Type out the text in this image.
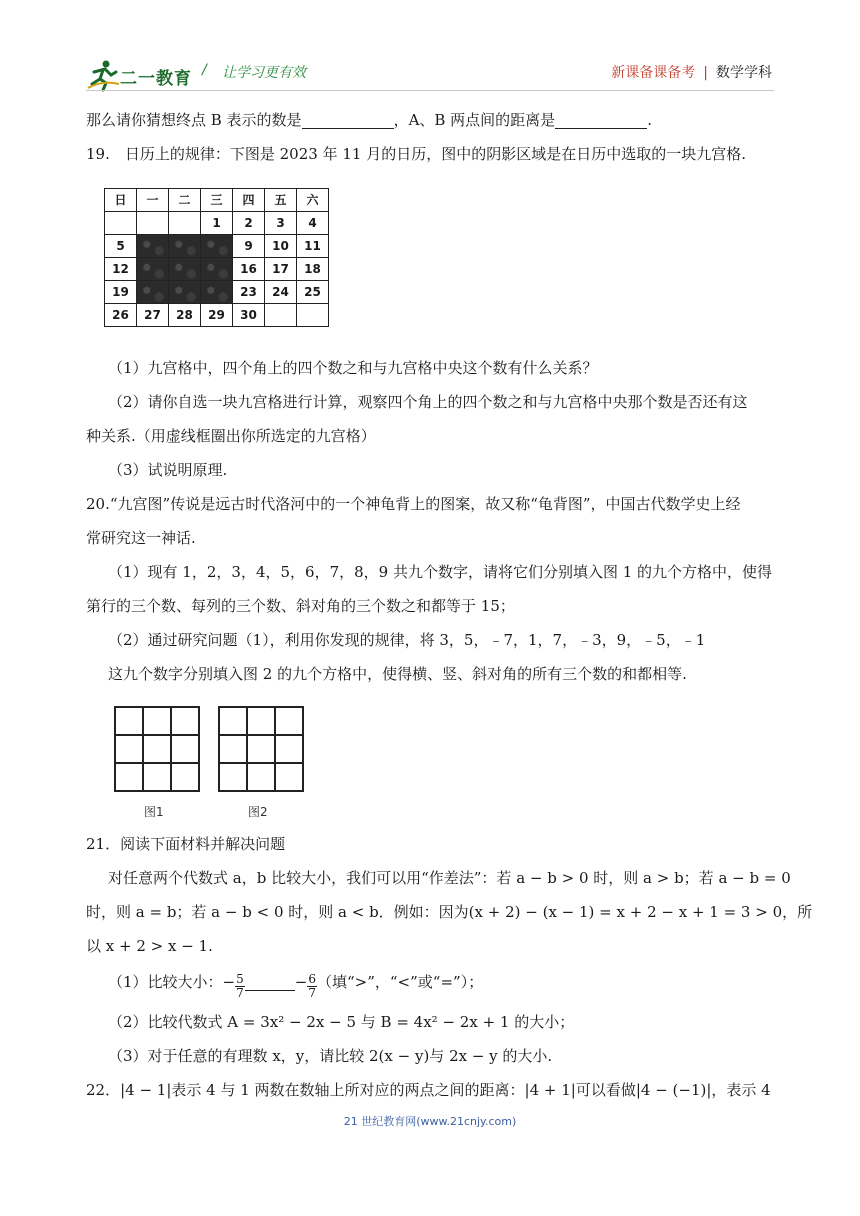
二一教育 / 让学习更有效	新课备课备考 | 数学学科
那么请你猜想终点 B 表示的数是	，A、B 两点间的距离是	.
19.　日历上的规律：下图是 2023 年 11 月的日历，图中的阴影区域是在日历中选取的一块九宫格.
日	一	二	三	四	五	六
			1	2	3	4
5				9	10	11
12				16	17	18
19				23	24	25
26	27	28	29	30		
（1）九宫格中，四个角上的四个数之和与九宫格中央这个数有什么关系？
（2）请你自选一块九宫格进行计算，观察四个角上的四个数之和与九宫格中央那个数是否还有这
种关系.（用虚线框圈出你所选定的九宫格）
（3）试说明原理.
20.“九宫图”传说是远古时代洛河中的一个神龟背上的图案，故又称“龟背图”，中国古代数学史上经
常研究这一神话.
（1）现有 1，2，3，4，5，6，7，8，9 共九个数字，请将它们分别填入图 1 的九个方格中，使得
第行的三个数、每列的三个数、斜对角的三个数之和都等于 15；
（2）通过研究问题（1），利用你发现的规律，将 3，5，﹣7，1，7，﹣3，9，﹣5，﹣1
这九个数字分别填入图 2 的九个方格中，使得横、竖、斜对角的所有三个数的和都相等.
图1	图2
21．阅读下面材料并解决问题
对任意两个代数式 a，b 比较大小，我们可以用“作差法”：若 a − b > 0 时，则 a > b；若 a − b = 0
时，则 a = b；若 a − b < 0 时，则 a < b．例如：因为(x + 2) − (x − 1) = x + 2 − x + 1 = 3 > 0，所
以 x + 2 > x − 1.
（1）比较大小：− $\frac{5}{7}$	− $\frac{6}{7}$ （填“>”，“<”或“=”）；
（2）比较代数式 A = 3x² − 2x − 5 与 B = 4x² − 2x + 1 的大小；
（3）对于任意的有理数 x，y，请比较 2(x − y)与 2x − y 的大小.
22．|4 − 1|表示 4 与 1 两数在数轴上所对应的两点之间的距离：|4 + 1|可以看做|4 − (−1)|，表示 4
21 世纪教育网(www.21cnjy.com)
